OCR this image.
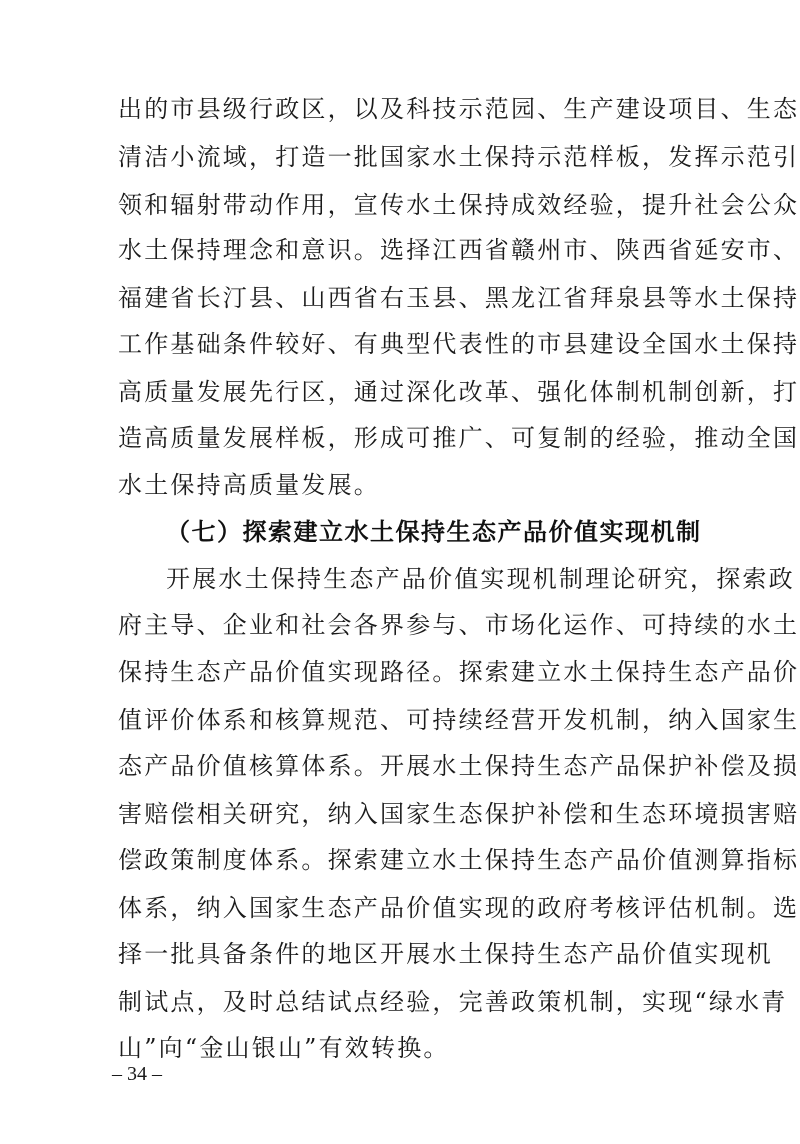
出的市县级行政区，以及科技示范园、生产建设项目、生态
清洁小流域，打造一批国家水土保持示范样板，发挥示范引
领和辐射带动作用，宣传水土保持成效经验，提升社会公众
水土保持理念和意识。选择江西省赣州市、陕西省延安市、
福建省长汀县、山西省右玉县、黑龙江省拜泉县等水土保持
工作基础条件较好、有典型代表性的市县建设全国水土保持
高质量发展先行区，通过深化改革、强化体制机制创新，打
造高质量发展样板，形成可推广、可复制的经验，推动全国
水土保持高质量发展。
（七）探索建立水土保持生态产品价值实现机制
开展水土保持生态产品价值实现机制理论研究，探索政
府主导、企业和社会各界参与、市场化运作、可持续的水土
保持生态产品价值实现路径。探索建立水土保持生态产品价
值评价体系和核算规范、可持续经营开发机制，纳入国家生
态产品价值核算体系。开展水土保持生态产品保护补偿及损
害赔偿相关研究，纳入国家生态保护补偿和生态环境损害赔
偿政策制度体系。探索建立水土保持生态产品价值测算指标
体系，纳入国家生态产品价值实现的政府考核评估机制。选
择一批具备条件的地区开展水土保持生态产品价值实现机
制试点，及时总结试点经验，完善政策机制，实现“绿水青
山”向“金山银山”有效转换。
– 34 –
